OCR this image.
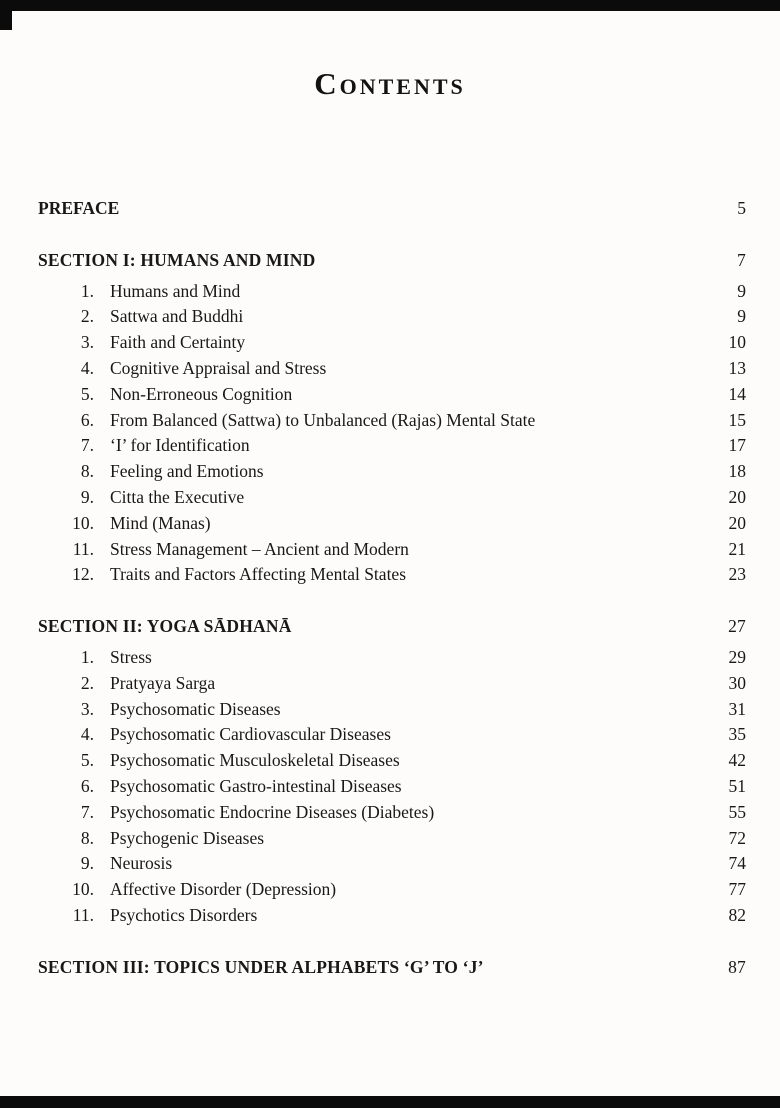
Contents
PREFACE	5
SECTION I: HUMANS AND MIND	7
1. Humans and Mind	9
2. Sattwa and Buddhi	9
3. Faith and Certainty	10
4. Cognitive Appraisal and Stress	13
5. Non-Erroneous Cognition	14
6. From Balanced (Sattwa) to Unbalanced (Rajas) Mental State	15
7. ‘I’ for Identification	17
8. Feeling and Emotions	18
9. Citta the Executive	20
10. Mind (Manas)	20
11. Stress Management – Ancient and Modern	21
12. Traits and Factors Affecting Mental States	23
SECTION II: YOGA SĀDHANĀ	27
1. Stress	29
2. Pratyaya Sarga	30
3. Psychosomatic Diseases	31
4. Psychosomatic Cardiovascular Diseases	35
5. Psychosomatic Musculoskeletal Diseases	42
6. Psychosomatic Gastro-intestinal Diseases	51
7. Psychosomatic Endocrine Diseases (Diabetes)	55
8. Psychogenic Diseases	72
9. Neurosis	74
10. Affective Disorder (Depression)	77
11. Psychotics Disorders	82
SECTION III: TOPICS UNDER ALPHABETS ‘G’ TO ‘J’	87
